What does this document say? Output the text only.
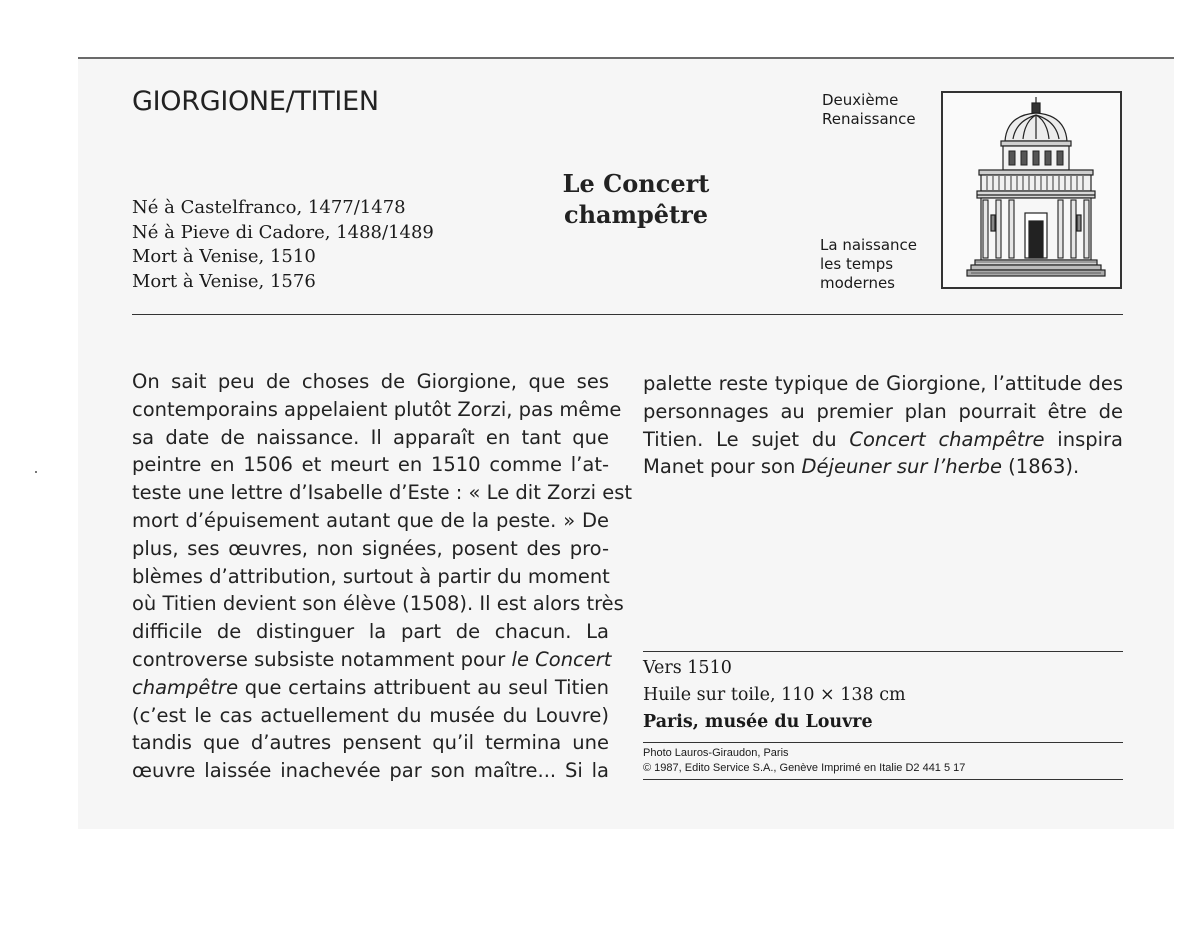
GIORGIONE/TITIEN
Né à Castelfranco, 1477/1478
Né à Pieve di Cadore, 1488/1489
Mort à Venise, 1510
Mort à Venise, 1576
Le Concert
champêtre
Deuxième
Renaissance
La naissance
les temps
modernes
On sait peu de choses de Giorgione, que ses
contemporains appelaient plutôt Zorzi, pas même
sa date de naissance. Il apparaît en tant que
peintre en 1506 et meurt en 1510 comme l’at-
teste une lettre d’Isabelle d’Este : « Le dit Zorzi est
mort d’épuisement autant que de la peste. » De
plus, ses œuvres, non signées, posent des pro-
blèmes d’attribution, surtout à partir du moment
où Titien devient son élève (1508). Il est alors très
difficile de distinguer la part de chacun. La
controverse subsiste notamment pour le Concert
champêtre que certains attribuent au seul Titien
(c’est le cas actuellement du musée du Louvre)
tandis que d’autres pensent qu’il termina une
œuvre laissée inachevée par son maître... Si la
palette reste typique de Giorgione, l’attitude des
personnages au premier plan pourrait être de
Titien. Le sujet du Concert champêtre inspira
Manet pour son Déjeuner sur l’herbe (1863).
Vers 1510
Huile sur toile, 110 × 138 cm
Paris, musée du Louvre
Photo Lauros-Giraudon, Paris
© 1987, Edito Service S.A., Genève Imprimé en Italie D2 441 5 17
